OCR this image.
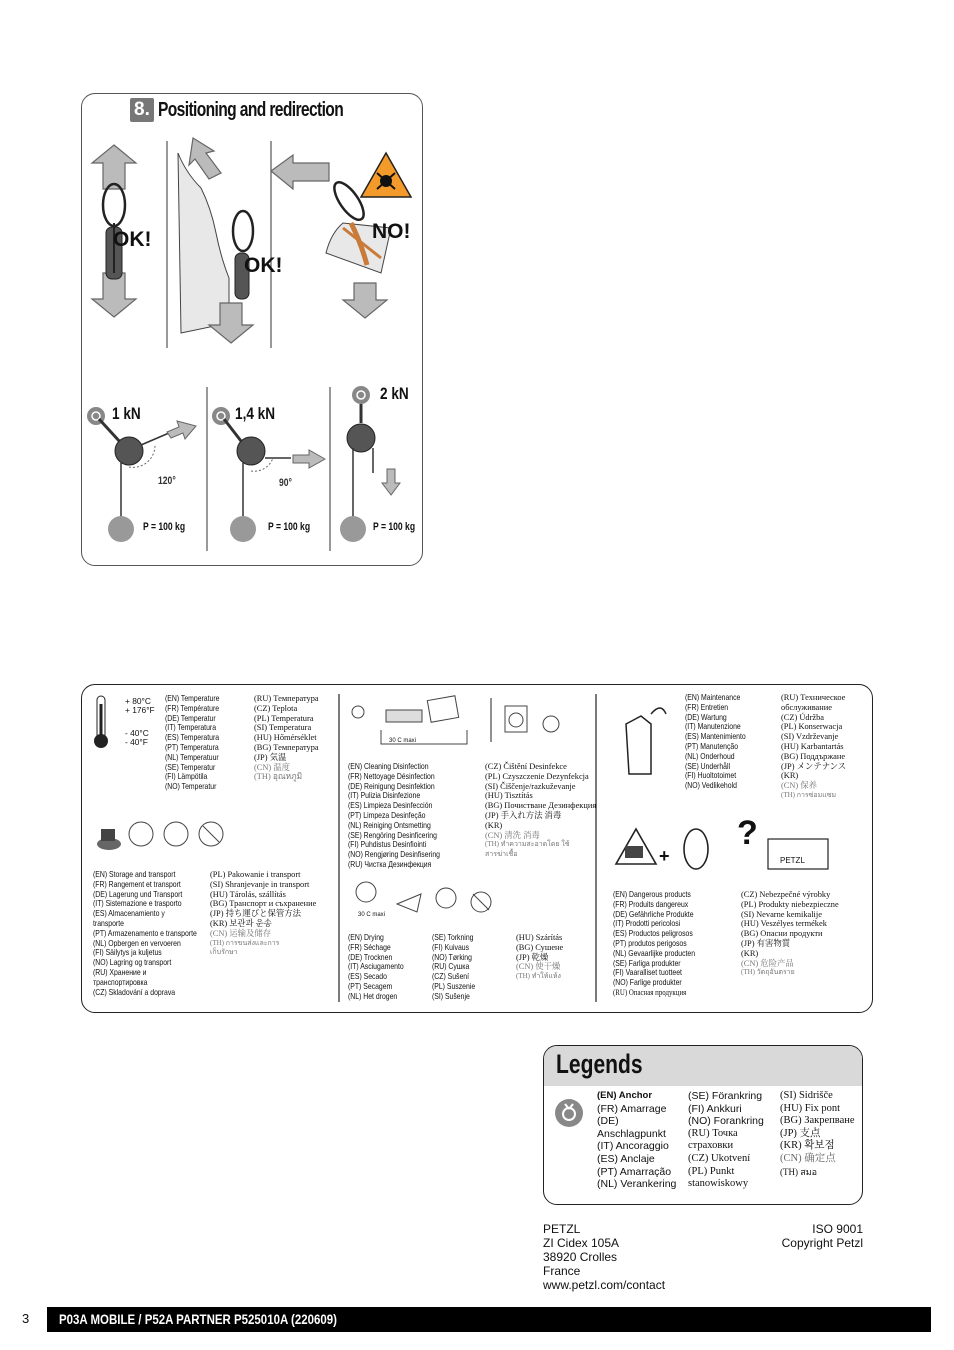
8. Positioning and redirection
OK!
OK!
NO!
1 kN	1,4 kN
2 kN
120°	90°
P = 100 kg	P = 100 kg	P = 100 kg
+
+ 80°C
+ 176°F
- 40°C
- 40°F
(EN) Temperature
(FR) Température
(DE) Temperatur
(IT) Temperatura
(ES) Temperatura
(PT) Temperatura
(NL) Temperatuur
(SE) Temperatur
(FI) Lämpötila
(NO) Temperatur
(RU) Температура
(CZ) Teplota
(PL) Temperatura
(SI) Temperatura
(HU) Hőmérséklet
(BG) Температура
(JP) 気温
(CN) 温度
(TH) อุณหภูมิ
30 C maxi
(EN) Cleaning Disinfection
(FR) Nettoyage Désinfection
(DE) Reinigung Desinfektion
(IT) Pulizia Disinfezione
(ES) Limpieza Desinfección
(PT) Limpeza Desinfeção
(NL) Reiniging Ontsmetting
(SE) Rengöring Desinficering
(FI) Puhdistus Desinfiointi
(NO) Rengjøring Desinfisering
(RU) Чистка Дезинфекция
(CZ) Čištění Desinfekce
(PL) Czyszczenie Dezynfekcja
(SI) Čiščenje/razkuževanje
(HU) Tisztítás
(BG) Почистване Дезинфекция
(JP) 手入れ方法 消毒
(KR)
(CN) 清洗 消毒
(TH) ทำความสะอาดโดย ใช้
สารฆ่าเชื้อ
(EN) Maintenance
(FR) Entretien
(DE) Wartung
(IT) Manutenzione
(ES) Mantenimiento
(PT) Manutenção
(NL) Onderhoud
(SE) Underhåll
(FI) Huoltotoimet
(NO) Vedlikehold
(RU) Техническое
обслуживание
(CZ) Údržba
(PL) Konserwacja
(SI) Vzdrževanje
(HU) Karbantartás
(BG) Поддържане
(JP) メンテナンス
(KR)
(CN) 保养
(TH) การซ่อมแซม
(EN) Storage and transport
(FR) Rangement et transport
(DE) Lagerung und Transport
(IT) Sistemazione e trasporto
(ES) Almacenamiento y
transporte
(PT) Armazenamento e transporte
(NL) Opbergen en vervoeren
(FI) Säilytys ja kuljetus
(NO) Lagring og transport
(RU) Хранение и
транспортировка
(CZ) Skladování a doprava
(PL) Pakowanie i transport
(SI) Shranjevanje in transport
(HU) Tárolás, szállítás
(BG) Транспорт и съхранение
(JP) 持ち運びと保管方法
(KR) 보관과 운송
(CN) 运输及储存
(TH) การขนส่งและการ
เก็บรักษา
30 C maxi
(EN) Drying
(FR) Séchage
(DE) Trocknen
(IT) Asciugamento
(ES) Secado
(PT) Secagem
(NL) Het drogen
(SE) Torkning
(FI) Kuivaus
(NO) Tørking
(RU) Сушка
(CZ) Sušení
(PL) Suszenie
(SI) Sušenje
(HU) Szárítás
(BG) Сушене
(JP) 乾燥
(CN) 使干燥
(TH) ทำให้แห้ง
?
PETZL
(EN) Dangerous products
(FR) Produits dangereux
(DE) Gefährliche Produkte
(IT) Prodotti pericolosi
(ES) Productos peligrosos
(PT) produtos perigosos
(NL) Gevaarlijke producten
(SE) Farliga produkter
(FI) Vaaralliset tuotteet
(NO) Farlige produkter
(RU) Опасная продукция
(CZ) Nebezpečné výrobky
(PL) Produkty niebezpieczne
(SI) Nevarne kemikalije
(HU) Veszélyes termékek
(BG) Опасни продукти
(JP) 有害物質
(KR)
(CN) 危险产品
(TH) วัตถุอันตราย
Legends
(EN) Anchor
(FR) Amarrage
(DE)
Anschlagpunkt
(IT) Ancoraggio
(ES) Anclaje
(PT) Amarração
(NL) Verankering
(SE) Förankring
(FI) Ankkuri
(NO) Forankring
(RU) Точка
страховки
(CZ) Ukotvení
(PL) Punkt
stanowiskowy
(SI) Sidrišče
(HU) Fix pont
(BG) Закрепване
(JP) 支点
(KR) 확보점
(CN) 确定点
(TH) สมอ
PETZL
ZI Cidex 105A
38920 Crolles
France
www.petzl.com/contact
ISO 9001
Copyright Petzl
3 P03A MOBILE / P52A PARTNER P525010A (220609)
